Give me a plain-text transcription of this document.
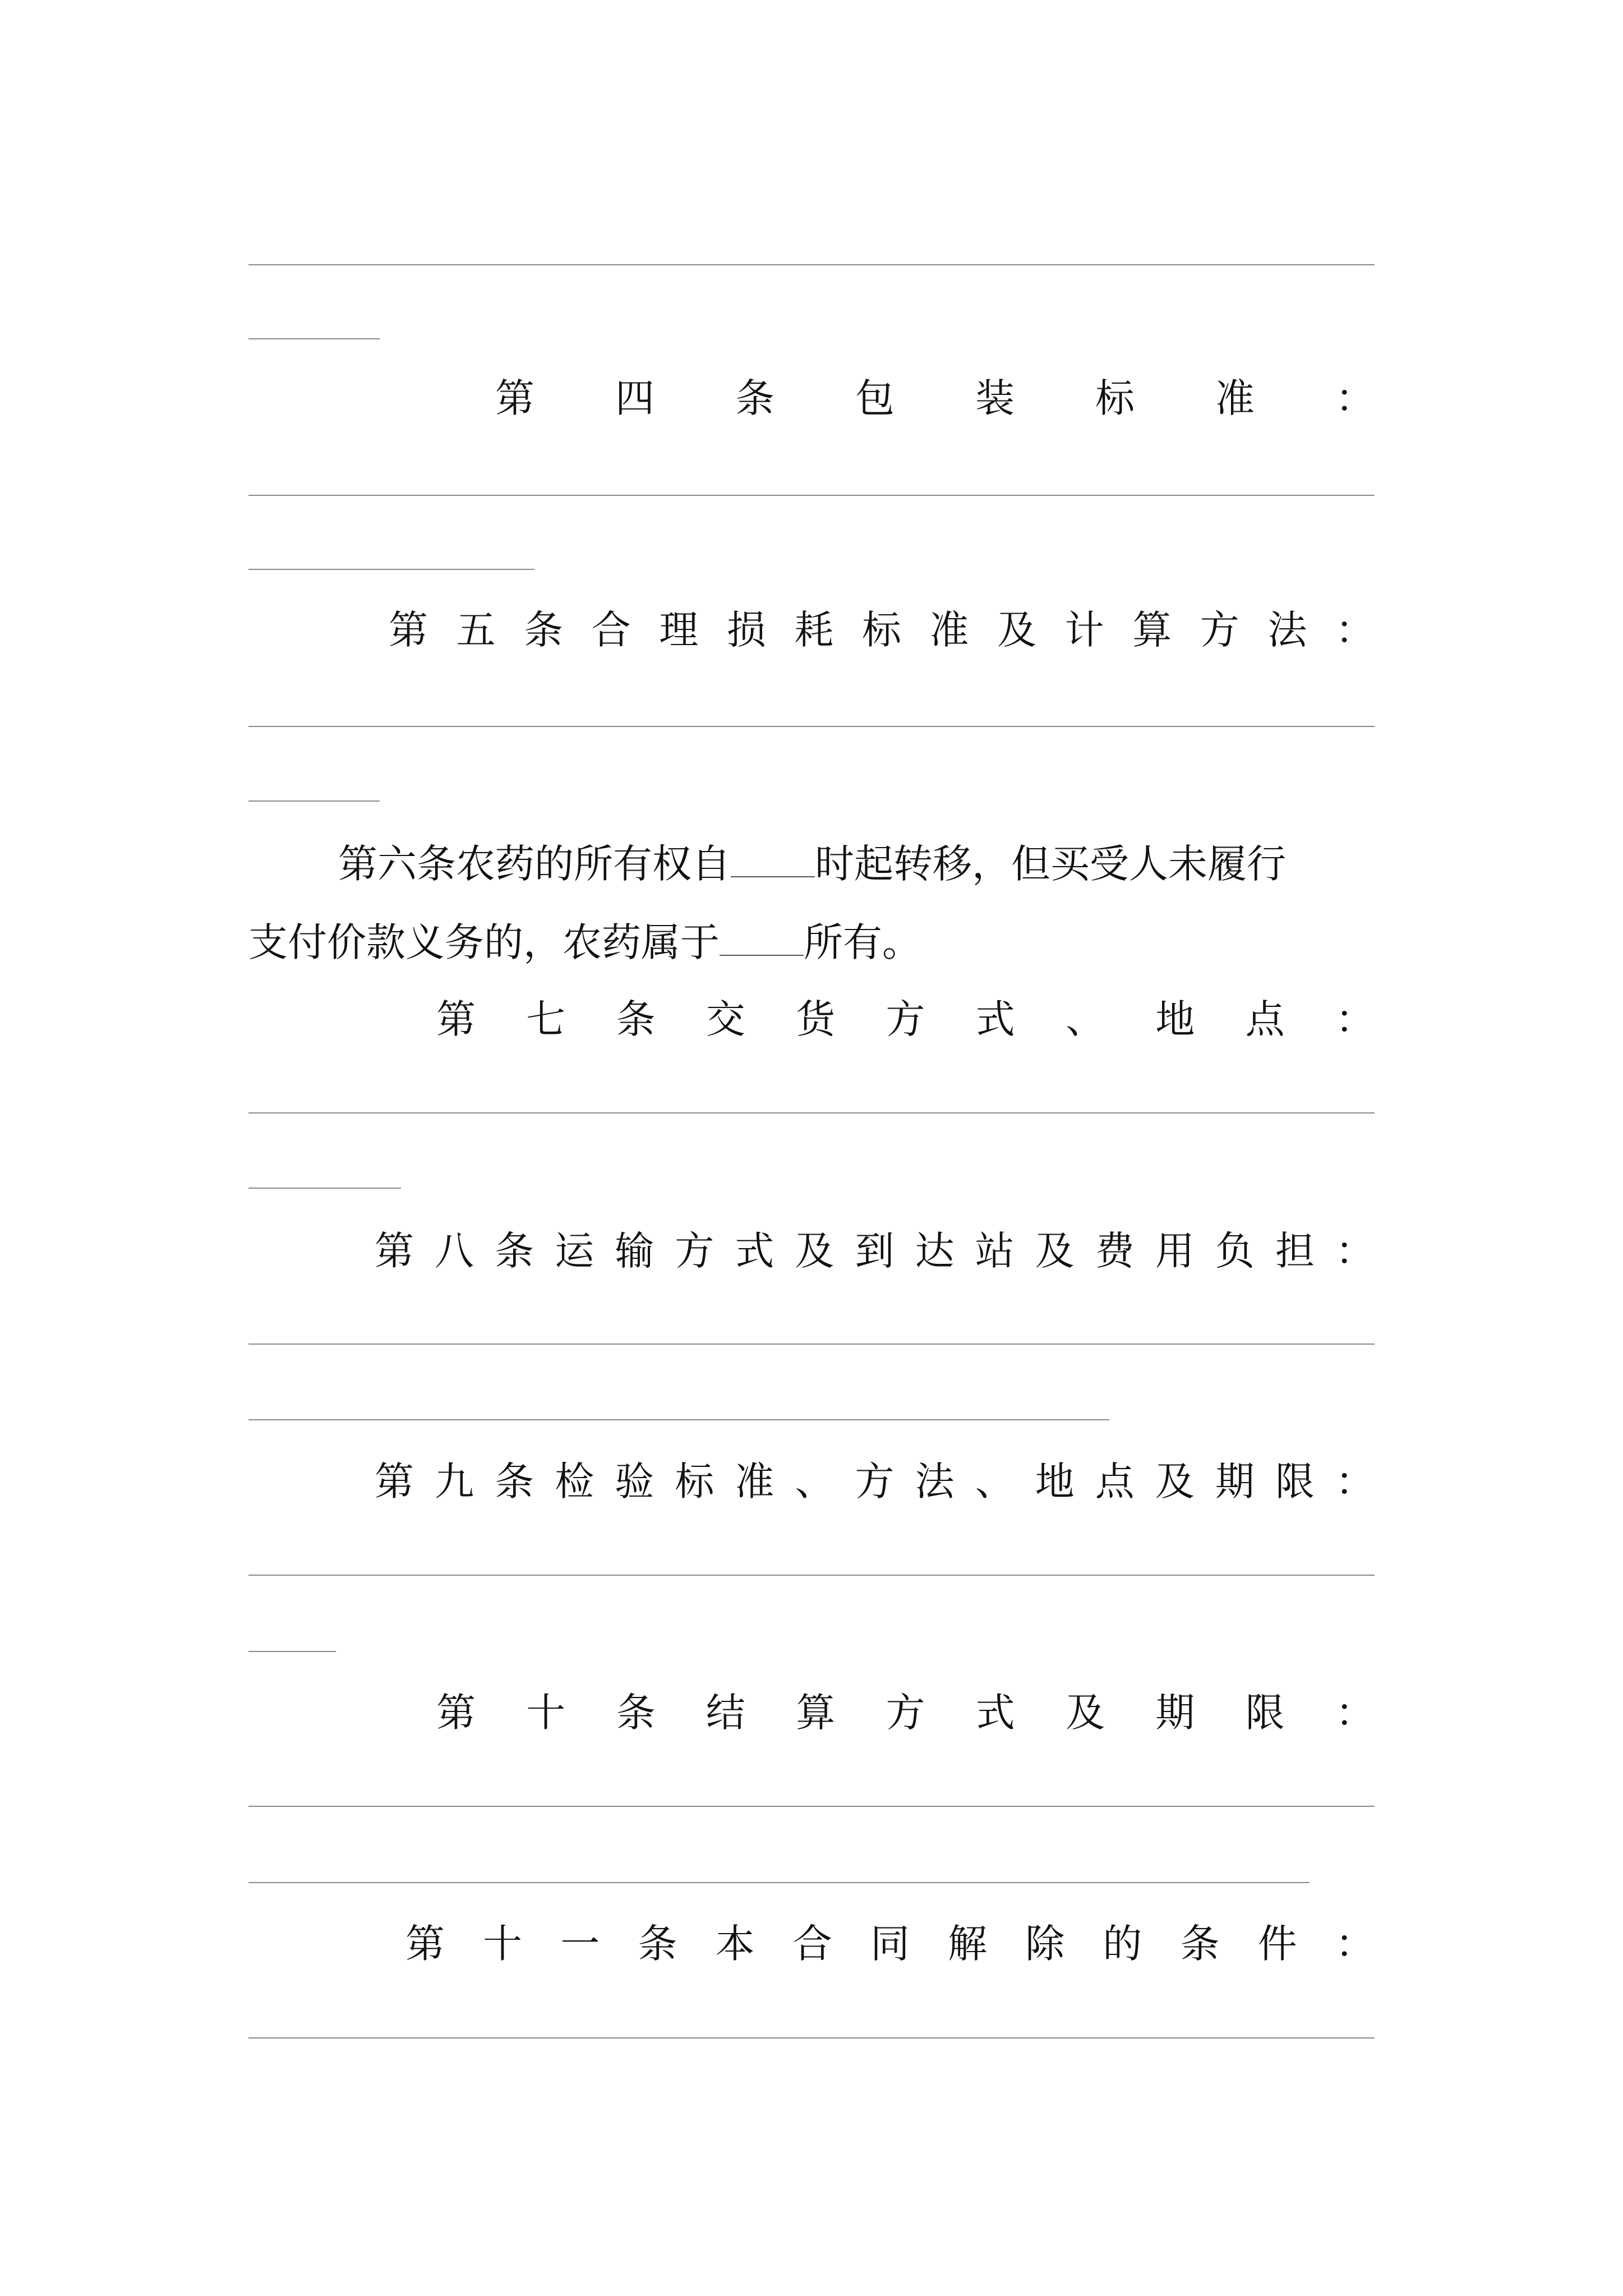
第 四 条 包 装 标 准 ：
第 五 条 合 理 损 耗 标 准 及 计 算 方 法 ：
第六条农药的所有权自 时起转移，但买受人未履行
支付价款义务的，农药属于 所有。
第 七 条 交 货 方 式 、 地 点 ：
第 八 条 运 输 方 式 及 到 达 站 及 费 用 负 担 ：
第 九 条 检 验 标 准 、 方 法 、 地 点 及 期 限 ：
第 十 条 结 算 方 式 及 期 限 ：
第 十 一 条 本 合 同 解 除 的 条 件 ：
